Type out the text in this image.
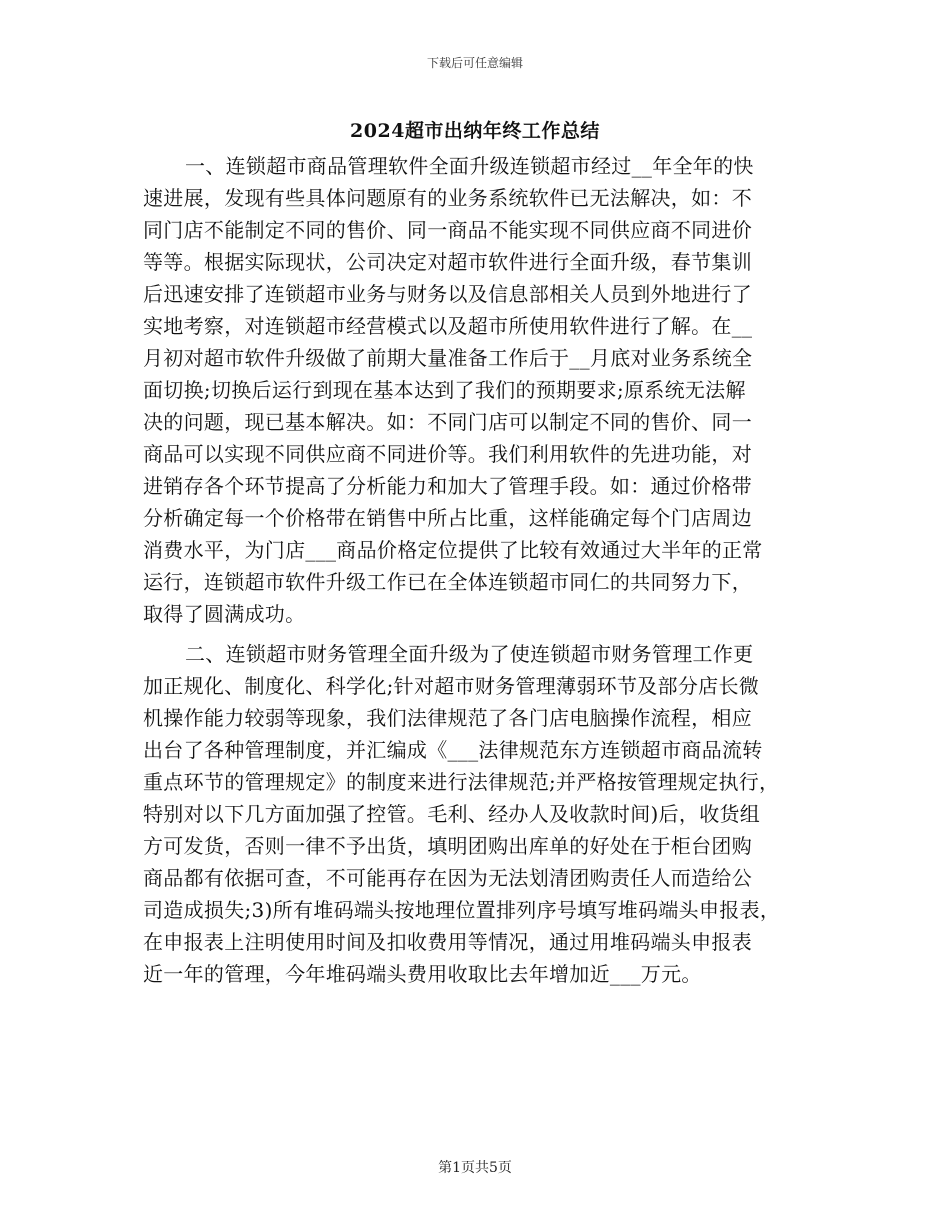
下载后可任意编辑
2024超市出纳年终工作总结
一、连锁超市商品管理软件全面升级连锁超市经过__年全年的快
速进展，发现有些具体问题原有的业务系统软件已无法解决，如：不
同门店不能制定不同的售价、同一商品不能实现不同供应商不同进价
等等。根据实际现状，公司决定对超市软件进行全面升级，春节集训
后迅速安排了连锁超市业务与财务以及信息部相关人员到外地进行了
实地考察，对连锁超市经营模式以及超市所使用软件进行了解。在__
月初对超市软件升级做了前期大量准备工作后于__月底对业务系统全
面切换;切换后运行到现在基本达到了我们的预期要求;原系统无法解
决的问题，现已基本解决。如：不同门店可以制定不同的售价、同一
商品可以实现不同供应商不同进价等。我们利用软件的先进功能，对
进销存各个环节提高了分析能力和加大了管理手段。如：通过价格带
分析确定每一个价格带在销售中所占比重，这样能确定每个门店周边
消费水平，为门店___商品价格定位提供了比较有效通过大半年的正常
运行，连锁超市软件升级工作已在全体连锁超市同仁的共同努力下，
取得了圆满成功。
二、连锁超市财务管理全面升级为了使连锁超市财务管理工作更
加正规化、制度化、科学化;针对超市财务管理薄弱环节及部分店长微
机操作能力较弱等现象，我们法律规范了各门店电脑操作流程，相应
出台了各种管理制度，并汇编成《___法律规范东方连锁超市商品流转
重点环节的管理规定》的制度来进行法律规范;并严格按管理规定执行，
特别对以下几方面加强了控管。毛利、经办人及收款时间)后，收货组
方可发货，否则一律不予出货，填明团购出库单的好处在于柜台团购
商品都有依据可查，不可能再存在因为无法划清团购责任人而造给公
司造成损失;3)所有堆码端头按地理位置排列序号填写堆码端头申报表，
在申报表上注明使用时间及扣收费用等情况，通过用堆码端头申报表
近一年的管理，今年堆码端头费用收取比去年增加近___万元。
第1页共5页
